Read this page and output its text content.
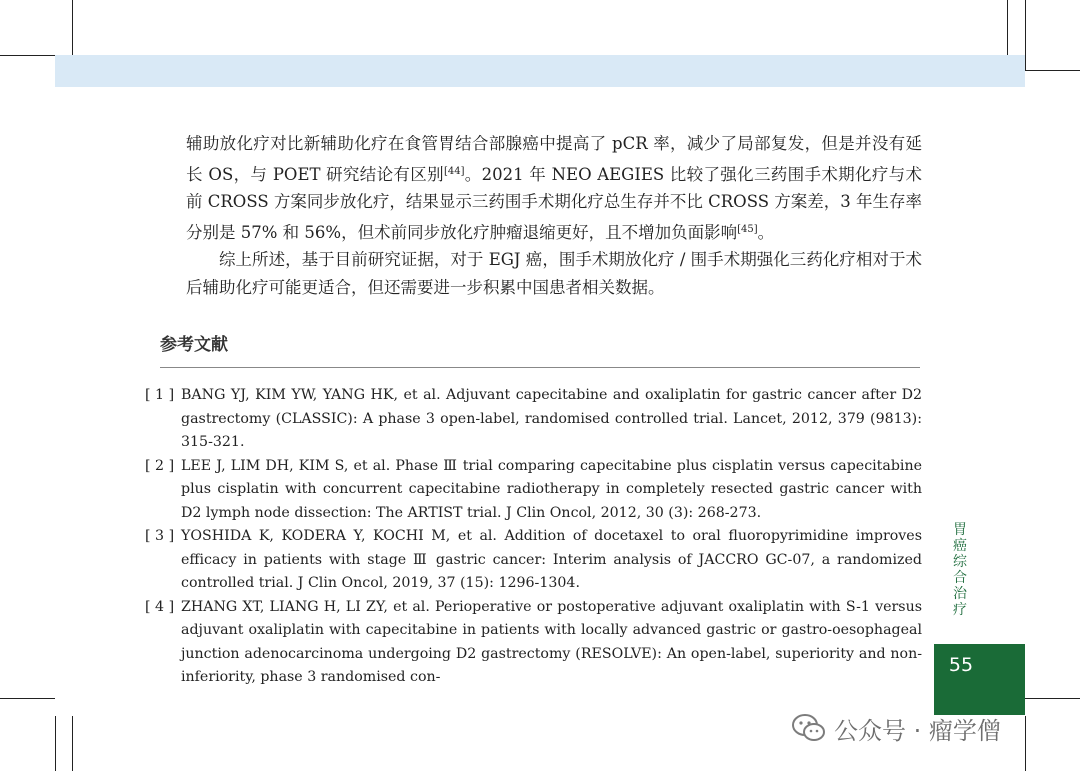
辅助放化疗对比新辅助化疗在食管胃结合部腺癌中提高了 pCR 率，减少了局部复发，但是并没有延长 OS，与 POET 研究结论有区别[44]。2021 年 NEO AEGIES 比较了强化三药围手术期化疗与术前 CROSS 方案同步放化疗，结果显示三药围手术期化疗总生存并不比 CROSS 方案差，3 年生存率分别是 57% 和 56%，但术前同步放化疗肿瘤退缩更好，且不增加负面影响[45]。

综上所述，基于目前研究证据，对于 EGJ 癌，围手术期放化疗 / 围手术期强化三药化疗相对于术后辅助化疗可能更适合，但还需要进一步积累中国患者相关数据。

参考文献
[ 1 ] BANG YJ, KIM YW, YANG HK, et al. Adjuvant capecitabine and oxaliplatin for gastric cancer after D2 gastrectomy (CLASSIC): A phase 3 open-label, randomised controlled trial. Lancet, 2012, 379 (9813): 315-321.
[ 2 ] LEE J, LIM DH, KIM S, et al. Phase Ⅲ trial comparing capecitabine plus cisplatin versus capecitabine plus cisplatin with concurrent capecitabine radiotherapy in completely resected gastric cancer with D2 lymph node dissection: The ARTIST trial. J Clin Oncol, 2012, 30 (3): 268-273.
[ 3 ] YOSHIDA K, KODERA Y, KOCHI M, et al. Addition of docetaxel to oral fluoropyrimidine improves efficacy in patients with stage Ⅲ gastric cancer: Interim analysis of JACCRO GC-07, a randomized controlled trial. J Clin Oncol, 2019, 37 (15): 1296-1304.
[ 4 ] ZHANG XT, LIANG H, LI ZY, et al. Perioperative or postoperative adjuvant oxaliplatin with S-1 versus adjuvant oxaliplatin with capecitabine in patients with locally advanced gastric or gastro-oesophageal junction adenocarcinoma undergoing D2 gastrectomy (RESOLVE): An open-label, superiority and non-inferiority, phase 3 randomised con-
胃癌综合治疗
55
公众号 · 瘤学僧
